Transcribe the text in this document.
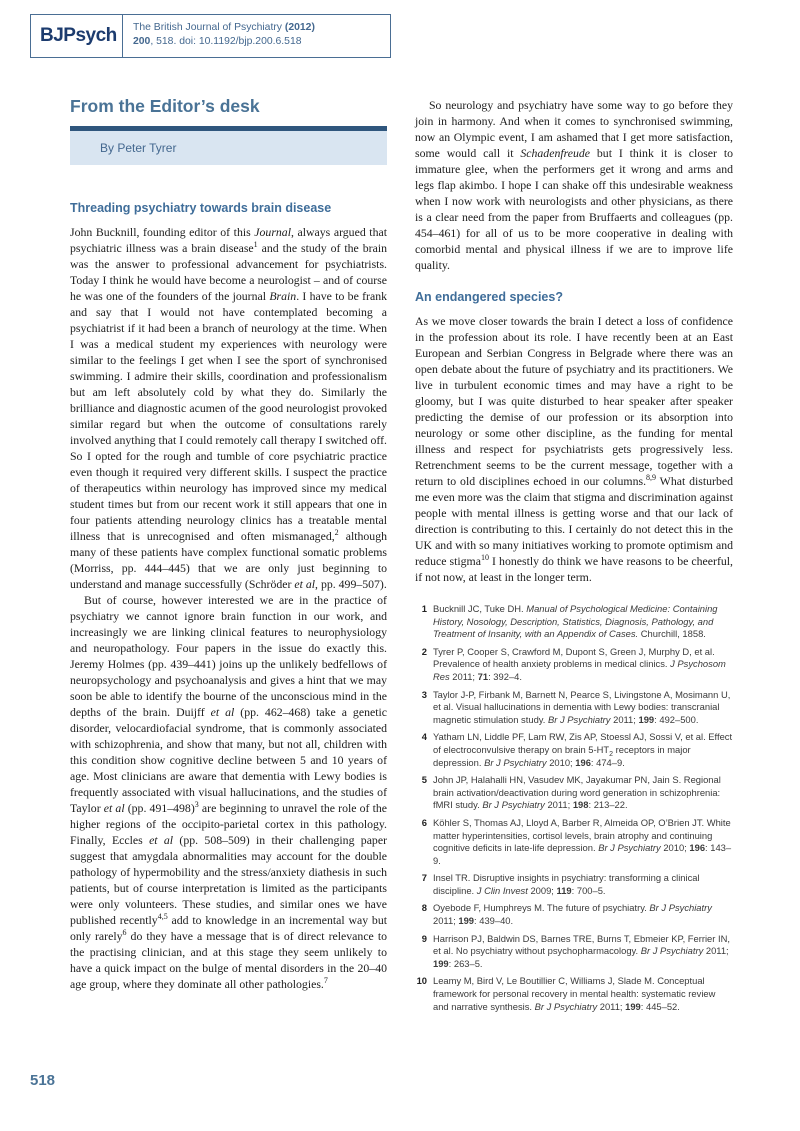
BJPsych The British Journal of Psychiatry (2012)
200, 518. doi: 10.1192/bjp.200.6.518
From the Editor’s desk
By Peter Tyrer
Threading psychiatry towards brain disease

John Bucknill, founding editor of this Journal, always argued that psychiatric illness was a brain disease$^1$ and the study of the brain was the answer to professional advancement for psychiatrists. Today I think he would have become a neurologist – and of course he was one of the founders of the journal Brain. I have to be frank and say that I would not have contemplated becoming a psychiatrist if it had been a branch of neurology at the time. When I was a medical student my experiences with neurology were similar to the feelings I get when I see the sport of synchronised swimming. I admire their skills, coordination and professionalism but am left absolutely cold by what they do. Similarly the brilliance and diagnostic acumen of the good neurologist provoked similar regard but when the outcome of consultations rarely involved anything that I could remotely call therapy I switched off. So I opted for the rough and tumble of core psychiatric practice even though it required very different skills. I suspect the practice of therapeutics within neurology has improved since my medical student times but from our recent work it still appears that one in four patients attending neurology clinics has a treatable mental illness that is unrecognised and often mismanaged,$^2$ although many of these patients have complex functional somatic problems (Morriss, pp. 444–445) that we are only just beginning to understand and manage successfully (Schröder et al, pp. 499–507).

But of course, however interested we are in the practice of psychiatry we cannot ignore brain function in our work, and increasingly we are linking clinical features to neurophysiology and neuropathology. Four papers in the issue do exactly this. Jeremy Holmes (pp. 439–441) joins up the unlikely bedfellows of neuropsychology and psychoanalysis and gives a hint that we may soon be able to identify the bourne of the unconscious mind in the depths of the brain. Duijff et al (pp. 462–468) take a genetic disorder, velocardiofacial syndrome, that is commonly associated with schizophrenia, and show that many, but not all, children with this condition show cognitive decline between 5 and 10 years of age. Most clinicians are aware that dementia with Lewy bodies is frequently associated with visual hallucinations, and the studies of Taylor et al (pp. 491–498)$^3$ are beginning to unravel the role of the higher regions of the occipito-parietal cortex in this pathology. Finally, Eccles et al (pp. 508–509) in their challenging paper suggest that amygdala abnormalities may account for the double pathology of hypermobility and the stress/anxiety diathesis in such patients, but of course interpretation is limited as the participants were only volunteers. These studies, and similar ones we have published recently$^{4,5}$ add to knowledge in an incremental way but only rarely$^6$ do they have a message that is of direct relevance to the practising clinician, and at this stage they seem unlikely to have a quick impact on the bulge of mental disorders in the 20–40 age group, where they dominate all other pathologies.$^7$

So neurology and psychiatry have some way to go before they join in harmony. And when it comes to synchronised swimming, now an Olympic event, I am ashamed that I get more satisfaction, some would call it Schadenfreude but I think it is closer to immature glee, when the performers get it wrong and arms and legs flap akimbo. I hope I can shake off this undesirable weakness when I now work with neurologists and other physicians, as there is a clear need from the paper from Bruffaerts and colleagues (pp. 454–461) for all of us to be more cooperative in dealing with comorbid mental and physical illness if we are to improve life quality.

An endangered species?

As we move closer towards the brain I detect a loss of confidence in the profession about its role. I have recently been at an East European and Serbian Congress in Belgrade where there was an open debate about the future of psychiatry and its practitioners. We live in turbulent economic times and may have a right to be gloomy, but I was quite disturbed to hear speaker after speaker predicting the demise of our profession or its absorption into neurology or some other discipline, as the funding for mental illness and respect for psychiatrists gets progressively less. Retrenchment seems to be the current message, together with a return to old disciplines echoed in our columns.$^{8,9}$ What disturbed me even more was the claim that stigma and discrimination against people with mental illness is getting worse and that our lack of direction is contributing to this. I certainly do not detect this in the UK and with so many initiatives working to promote optimism and reduce stigma$^{10}$ I honestly do think we have reasons to be cheerful, if not now, at least in the longer term.

1 Bucknill JC, Tuke DH. Manual of Psychological Medicine: Containing History, Nosology, Description, Statistics, Diagnosis, Pathology, and Treatment of Insanity, with an Appendix of Cases. Churchill, 1858.
2 Tyrer P, Cooper S, Crawford M, Dupont S, Green J, Murphy D, et al. Prevalence of health anxiety problems in medical clinics. J Psychosom Res 2011; 71: 392–4.
3 Taylor J-P, Firbank M, Barnett N, Pearce S, Livingstone A, Mosimann U, et al. Visual hallucinations in dementia with Lewy bodies: transcranial magnetic stimulation study. Br J Psychiatry 2011; 199: 492–500.
4 Yatham LN, Liddle PF, Lam RW, Zis AP, Stoessl AJ, Sossi V, et al. Effect of electroconvulsive therapy on brain $5-HT_2$ receptors in major depression. Br J Psychiatry 2010; 196: 474–9.
5 John JP, Halahalli HN, Vasudev MK, Jayakumar PN, Jain S. Regional brain activation/deactivation during word generation in schizophrenia: fMRI study. Br J Psychiatry 2011; 198: 213–22.
6 Köhler S, Thomas AJ, Lloyd A, Barber R, Almeida OP, O’Brien JT. White matter hyperintensities, cortisol levels, brain atrophy and continuing cognitive deficits in late-life depression. Br J Psychiatry 2010; 196: 143–9.
7 Insel TR. Disruptive insights in psychiatry: transforming a clinical discipline. J Clin Invest 2009; 119: 700–5.
8 Oyebode F, Humphreys M. The future of psychiatry. Br J Psychiatry 2011; 199: 439–40.
9 Harrison PJ, Baldwin DS, Barnes TRE, Burns T, Ebmeier KP, Ferrier IN, et al. No psychiatry without psychopharmacology. Br J Psychiatry 2011; 199: 263–5.
10 Leamy M, Bird V, Le Boutillier C, Williams J, Slade M. Conceptual framework for personal recovery in mental health: systematic review and narrative synthesis. Br J Psychiatry 2011; 199: 445–52.
518
